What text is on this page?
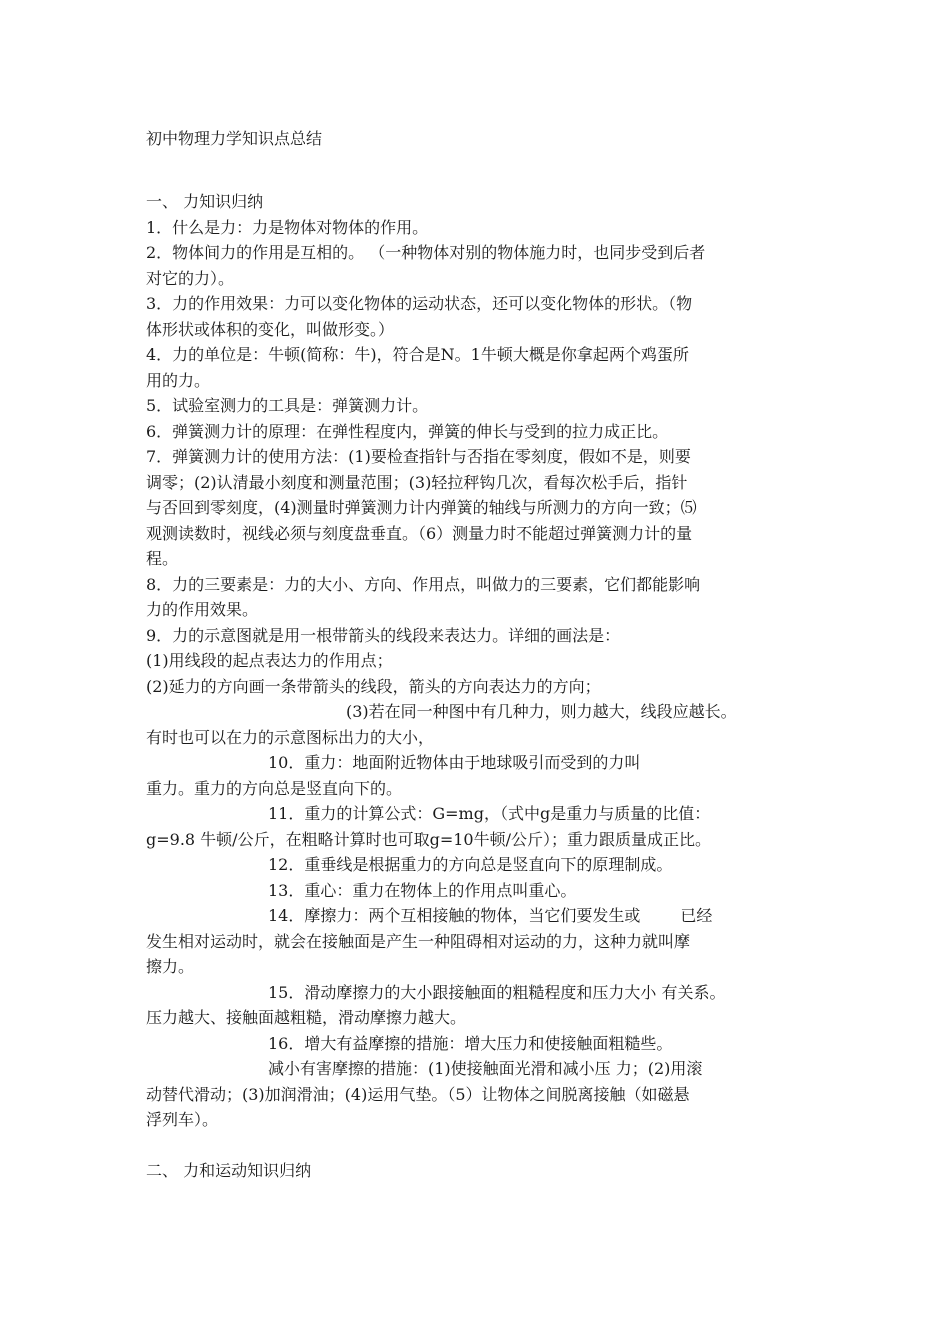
初中物理力学知识点总结

一、 力知识归纳

1．什么是力：力是物体对物体的作用。

2．物体间力的作用是互相的。 （一种物体对别的物体施力时，也同步受到后者

对它的力）。

3．力的作用效果：力可以变化物体的运动状态，还可以变化物体的形状。（物

体形状或体积的变化，叫做形变。）

4．力的单位是：牛顿(简称：牛)，符合是N。1牛顿大概是你拿起两个鸡蛋所

用的力。

5．试验室测力的工具是：弹簧测力计。

6．弹簧测力计的原理：在弹性程度内，弹簧的伸长与受到的拉力成正比。

7．弹簧测力计的使用方法：(1)要检查指针与否指在零刻度，假如不是，则要

调零；(2)认清最小刻度和测量范围；(3)轻拉秤钩几次，看每次松手后，指针

与否回到零刻度，(4)测量时弹簧测力计内弹簧的轴线与所测力的方向一致；⑸

观测读数时，视线必须与刻度盘垂直。（6）测量力时不能超过弹簧测力计的量

程。

8．力的三要素是：力的大小、方向、作用点，叫做力的三要素，它们都能影响

力的作用效果。

9．力的示意图就是用一根带箭头的线段来表达力。详细的画法是：

(1)用线段的起点表达力的作用点；

(2)延力的方向画一条带箭头的线段，箭头的方向表达力的方向；

(3)若在同一种图中有几种力，则力越大，线段应越长。

有时也可以在力的示意图标出力的大小，

10．重力：地面附近物体由于地球吸引而受到的力叫

重力。重力的方向总是竖直向下的。

11．重力的计算公式：G=mg，（式中g是重力与质量的比值：

g=9.8 牛顿/公斤，在粗略计算时也可取g=10牛顿/公斤）；重力跟质量成正比。

12．重垂线是根据重力的方向总是竖直向下的原理制成。

13．重心：重力在物体上的作用点叫重心。

14．摩擦力：两个互相接触的物体，当它们要发生或	已经

发生相对运动时，就会在接触面是产生一种阻碍相对运动的力，这种力就叫摩

擦力。

15．滑动摩擦力的大小跟接触面的粗糙程度和压力大小 有关系。

压力越大、接触面越粗糙，滑动摩擦力越大。

16．增大有益摩擦的措施：增大压力和使接触面粗糙些。

减小有害摩擦的措施：(1)使接触面光滑和减小压 力；(2)用滚

动替代滑动；(3)加润滑油；(4)运用气垫。（5）让物体之间脱离接触（如磁悬

浮列车）。

二、 力和运动知识归纳
